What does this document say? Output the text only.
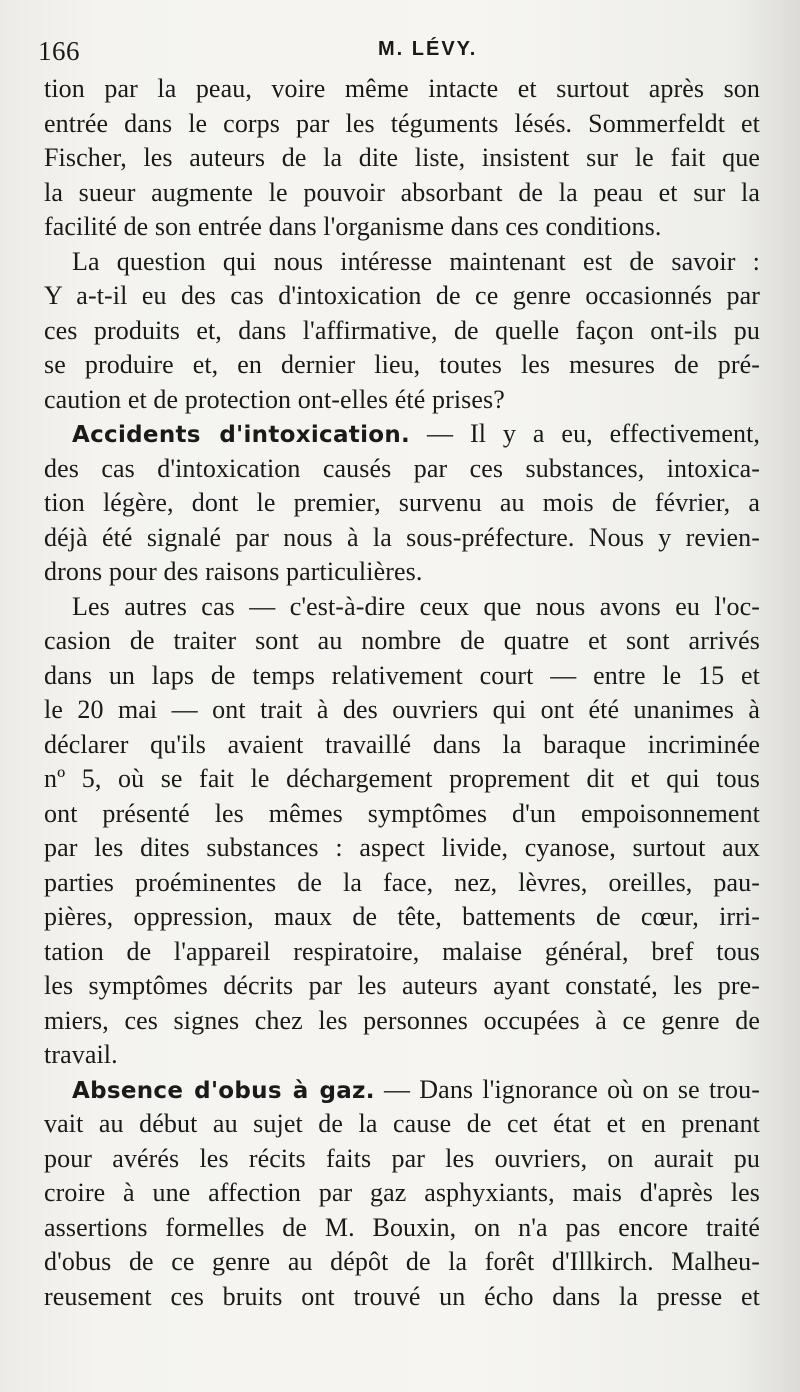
166	M. LÉVY.
tion par la peau, voire même intacte et surtout après son
entrée dans le corps par les téguments lésés. Sommerfeldt et
Fischer, les auteurs de la dite liste, insistent sur le fait que
la sueur augmente le pouvoir absorbant de la peau et sur la
facilité de son entrée dans l'organisme dans ces conditions.
La question qui nous intéresse maintenant est de savoir :
Y a-t-il eu des cas d'intoxication de ce genre occasionnés par
ces produits et, dans l'affirmative, de quelle façon ont-ils pu
se produire et, en dernier lieu, toutes les mesures de pré-
caution et de protection ont-elles été prises?
Accidents d'intoxication. — Il y a eu, effectivement,
des cas d'intoxication causés par ces substances, intoxica-
tion légère, dont le premier, survenu au mois de février, a
déjà été signalé par nous à la sous-préfecture. Nous y revien-
drons pour des raisons particulières.
Les autres cas — c'est-à-dire ceux que nous avons eu l'oc-
casion de traiter sont au nombre de quatre et sont arrivés
dans un laps de temps relativement court — entre le 15 et
le 20 mai — ont trait à des ouvriers qui ont été unanimes à
déclarer qu'ils avaient travaillé dans la baraque incriminée
nº 5, où se fait le déchargement proprement dit et qui tous
ont présenté les mêmes symptômes d'un empoisonnement
par les dites substances : aspect livide, cyanose, surtout aux
parties proéminentes de la face, nez, lèvres, oreilles, pau-
pières, oppression, maux de tête, battements de cœur, irri-
tation de l'appareil respiratoire, malaise général, bref tous
les symptômes décrits par les auteurs ayant constaté, les pre-
miers, ces signes chez les personnes occupées à ce genre de
travail.
Absence d'obus à gaz. — Dans l'ignorance où on se trou-
vait au début au sujet de la cause de cet état et en prenant
pour avérés les récits faits par les ouvriers, on aurait pu
croire à une affection par gaz asphyxiants, mais d'après les
assertions formelles de M. Bouxin, on n'a pas encore traité
d'obus de ce genre au dépôt de la forêt d'Illkirch. Malheu-
reusement ces bruits ont trouvé un écho dans la presse et
